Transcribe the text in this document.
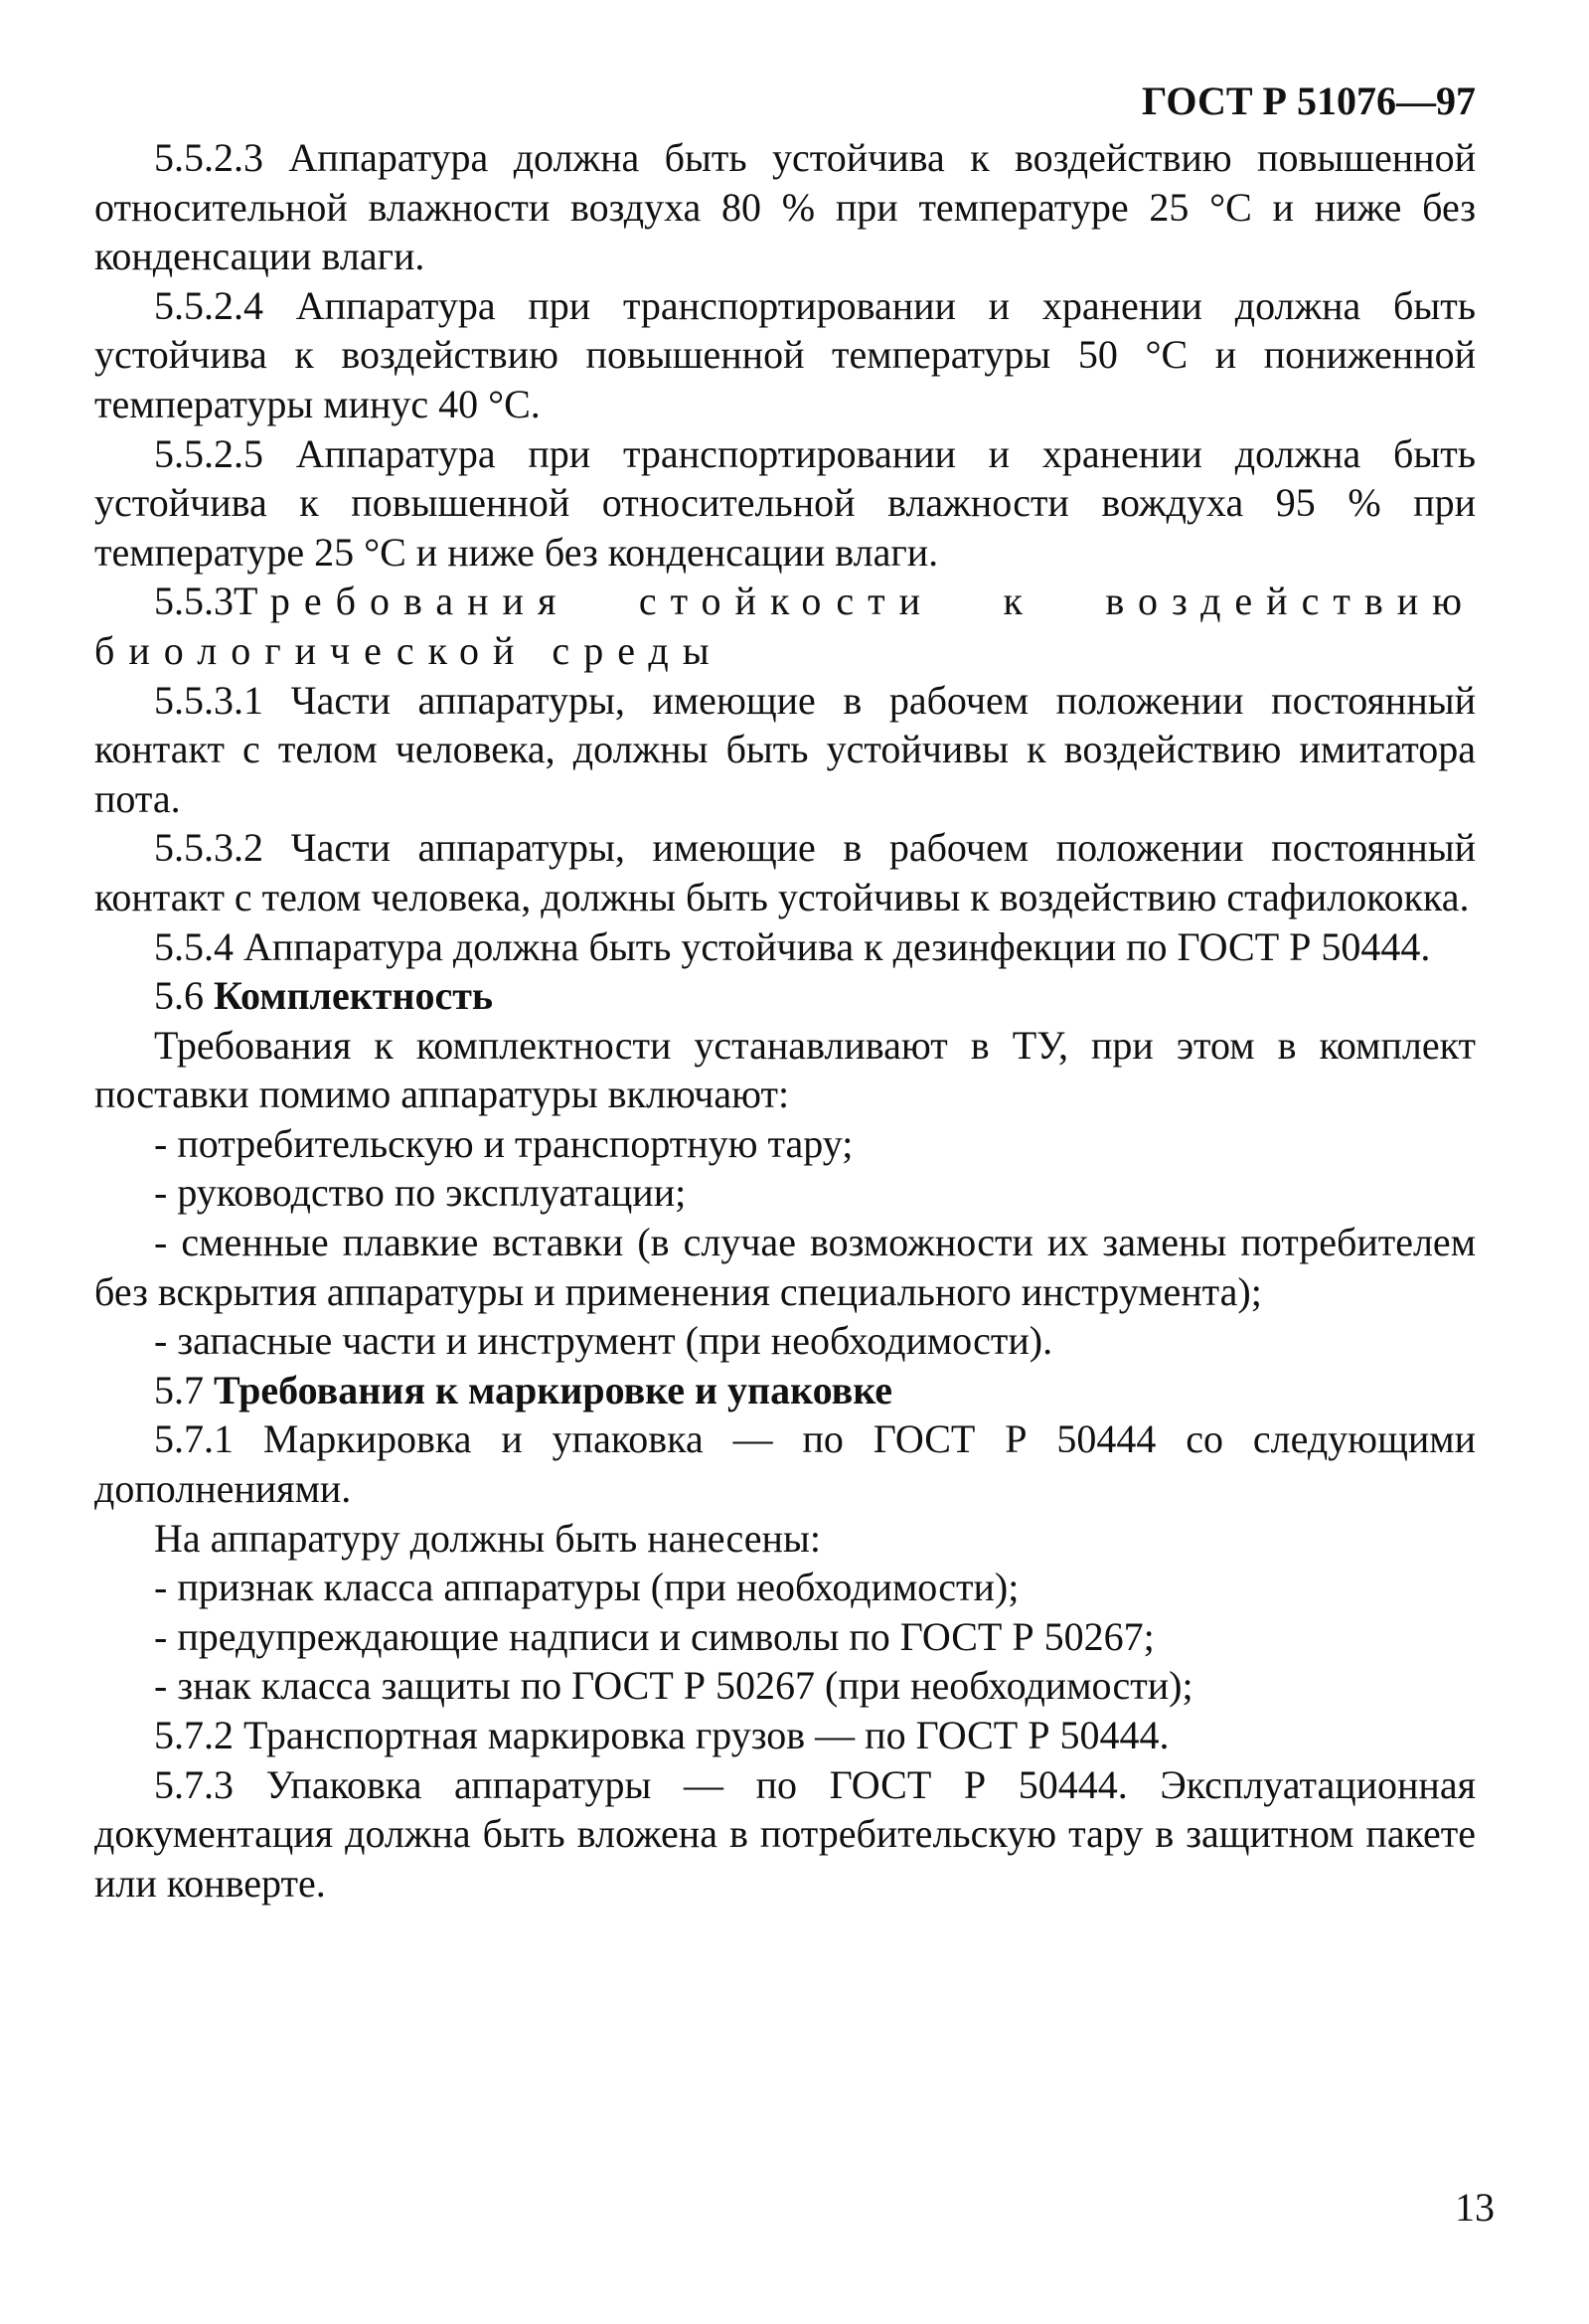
ГОСТ Р 51076—97

5.5.2.3 Аппаратура должна быть устойчива к воздействию повышенной относительной влажности воздуха 80 % при температуре 25 °С и ниже без конденсации влаги.

5.5.2.4 Аппаратура при транспортировании и хранении должна быть устойчива к воздействию повышенной температуры 50 °С и пониженной температуры минус 40 °С.

5.5.2.5 Аппаратура при транспортировании и хранении должна быть устойчива к повышенной относительной влажности вождуха 95 % при температуре 25 °С и ниже без конденсации влаги.

5.5.3Требования стойкости к воздействию биологической среды

5.5.3.1 Части аппаратуры, имеющие в рабочем положении постоянный контакт с телом человека, должны быть устойчивы к воздействию имитатора пота.

5.5.3.2 Части аппаратуры, имеющие в рабочем положении постоянный контакт с телом человека, должны быть устойчивы к воздействию стафилококка.

5.5.4 Аппаратура должна быть устойчива к дезинфекции по ГОСТ Р 50444.

5.6 Комплектность

Требования к комплектности устанавливают в ТУ, при этом в комплект поставки помимо аппаратуры включают:

- потребительскую и транспортную тару;

- руководство по эксплуатации;

- сменные плавкие вставки (в случае возможности их замены потребителем без вскрытия аппаратуры и применения специального инструмента);

- запасные части и инструмент (при необходимости).

5.7 Требования к маркировке и упаковке

5.7.1 Маркировка и упаковка — по ГОСТ Р 50444 со следующими дополнениями.

На аппаратуру должны быть нанесены:

- признак класса аппаратуры (при необходимости);

- предупреждающие надписи и символы по ГОСТ Р 50267;

- знак класса защиты по ГОСТ Р 50267 (при необходимости);

5.7.2 Транспортная маркировка грузов — по ГОСТ Р 50444.

5.7.3 Упаковка аппаратуры — по ГОСТ Р 50444. Эксплуатационная документация должна быть вложена в потребительскую тару в защитном пакете или конверте.

13
